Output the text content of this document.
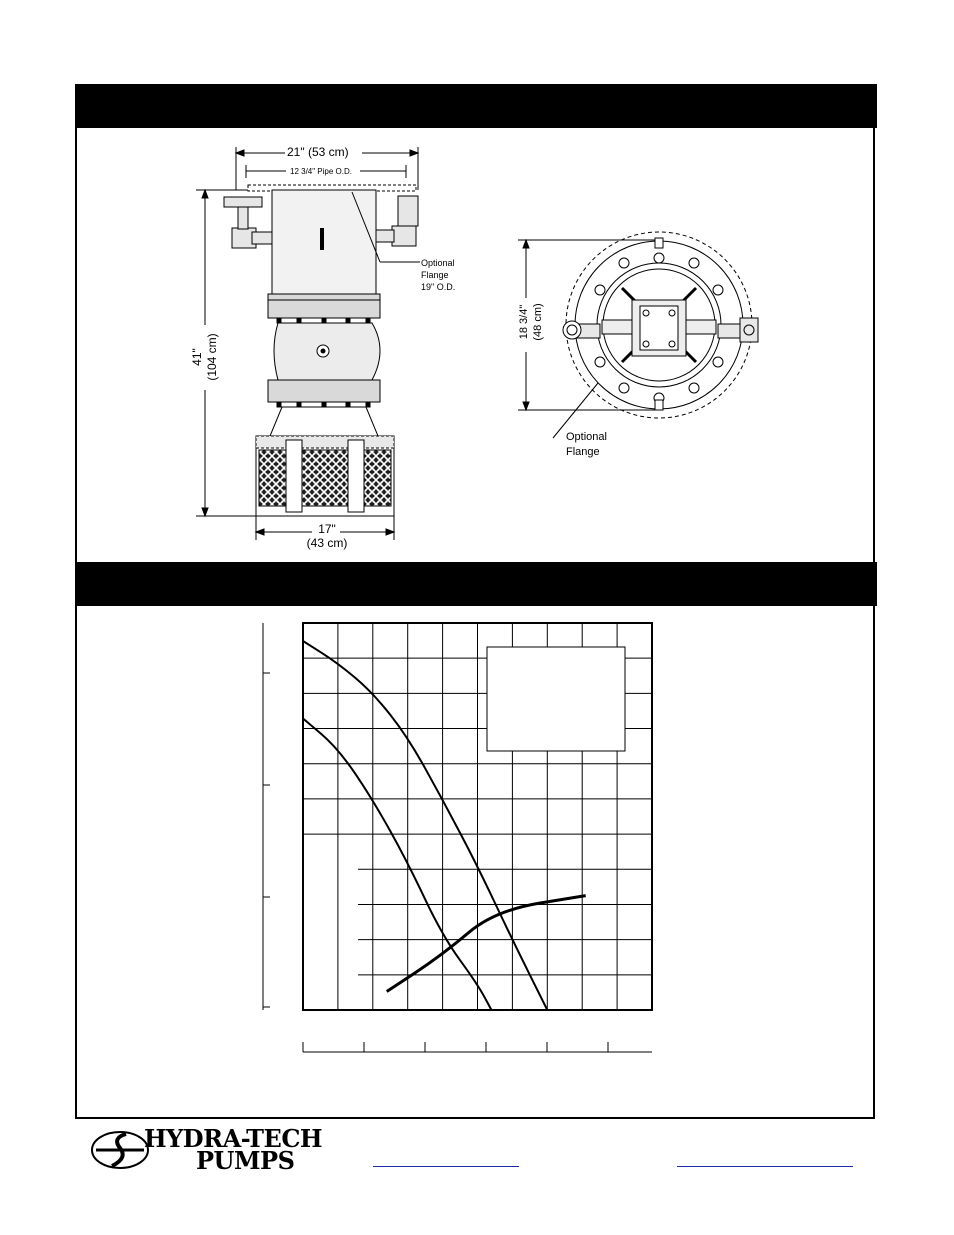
21" (53 cm)
12 3/4" Pipe O.D.
Optional
Flange
19" O.D.
41" (104 cm)
17"
(43 cm)
18 3/4" (48 cm)
Optional
Flange
HYDRA-TECH
PUMPS
